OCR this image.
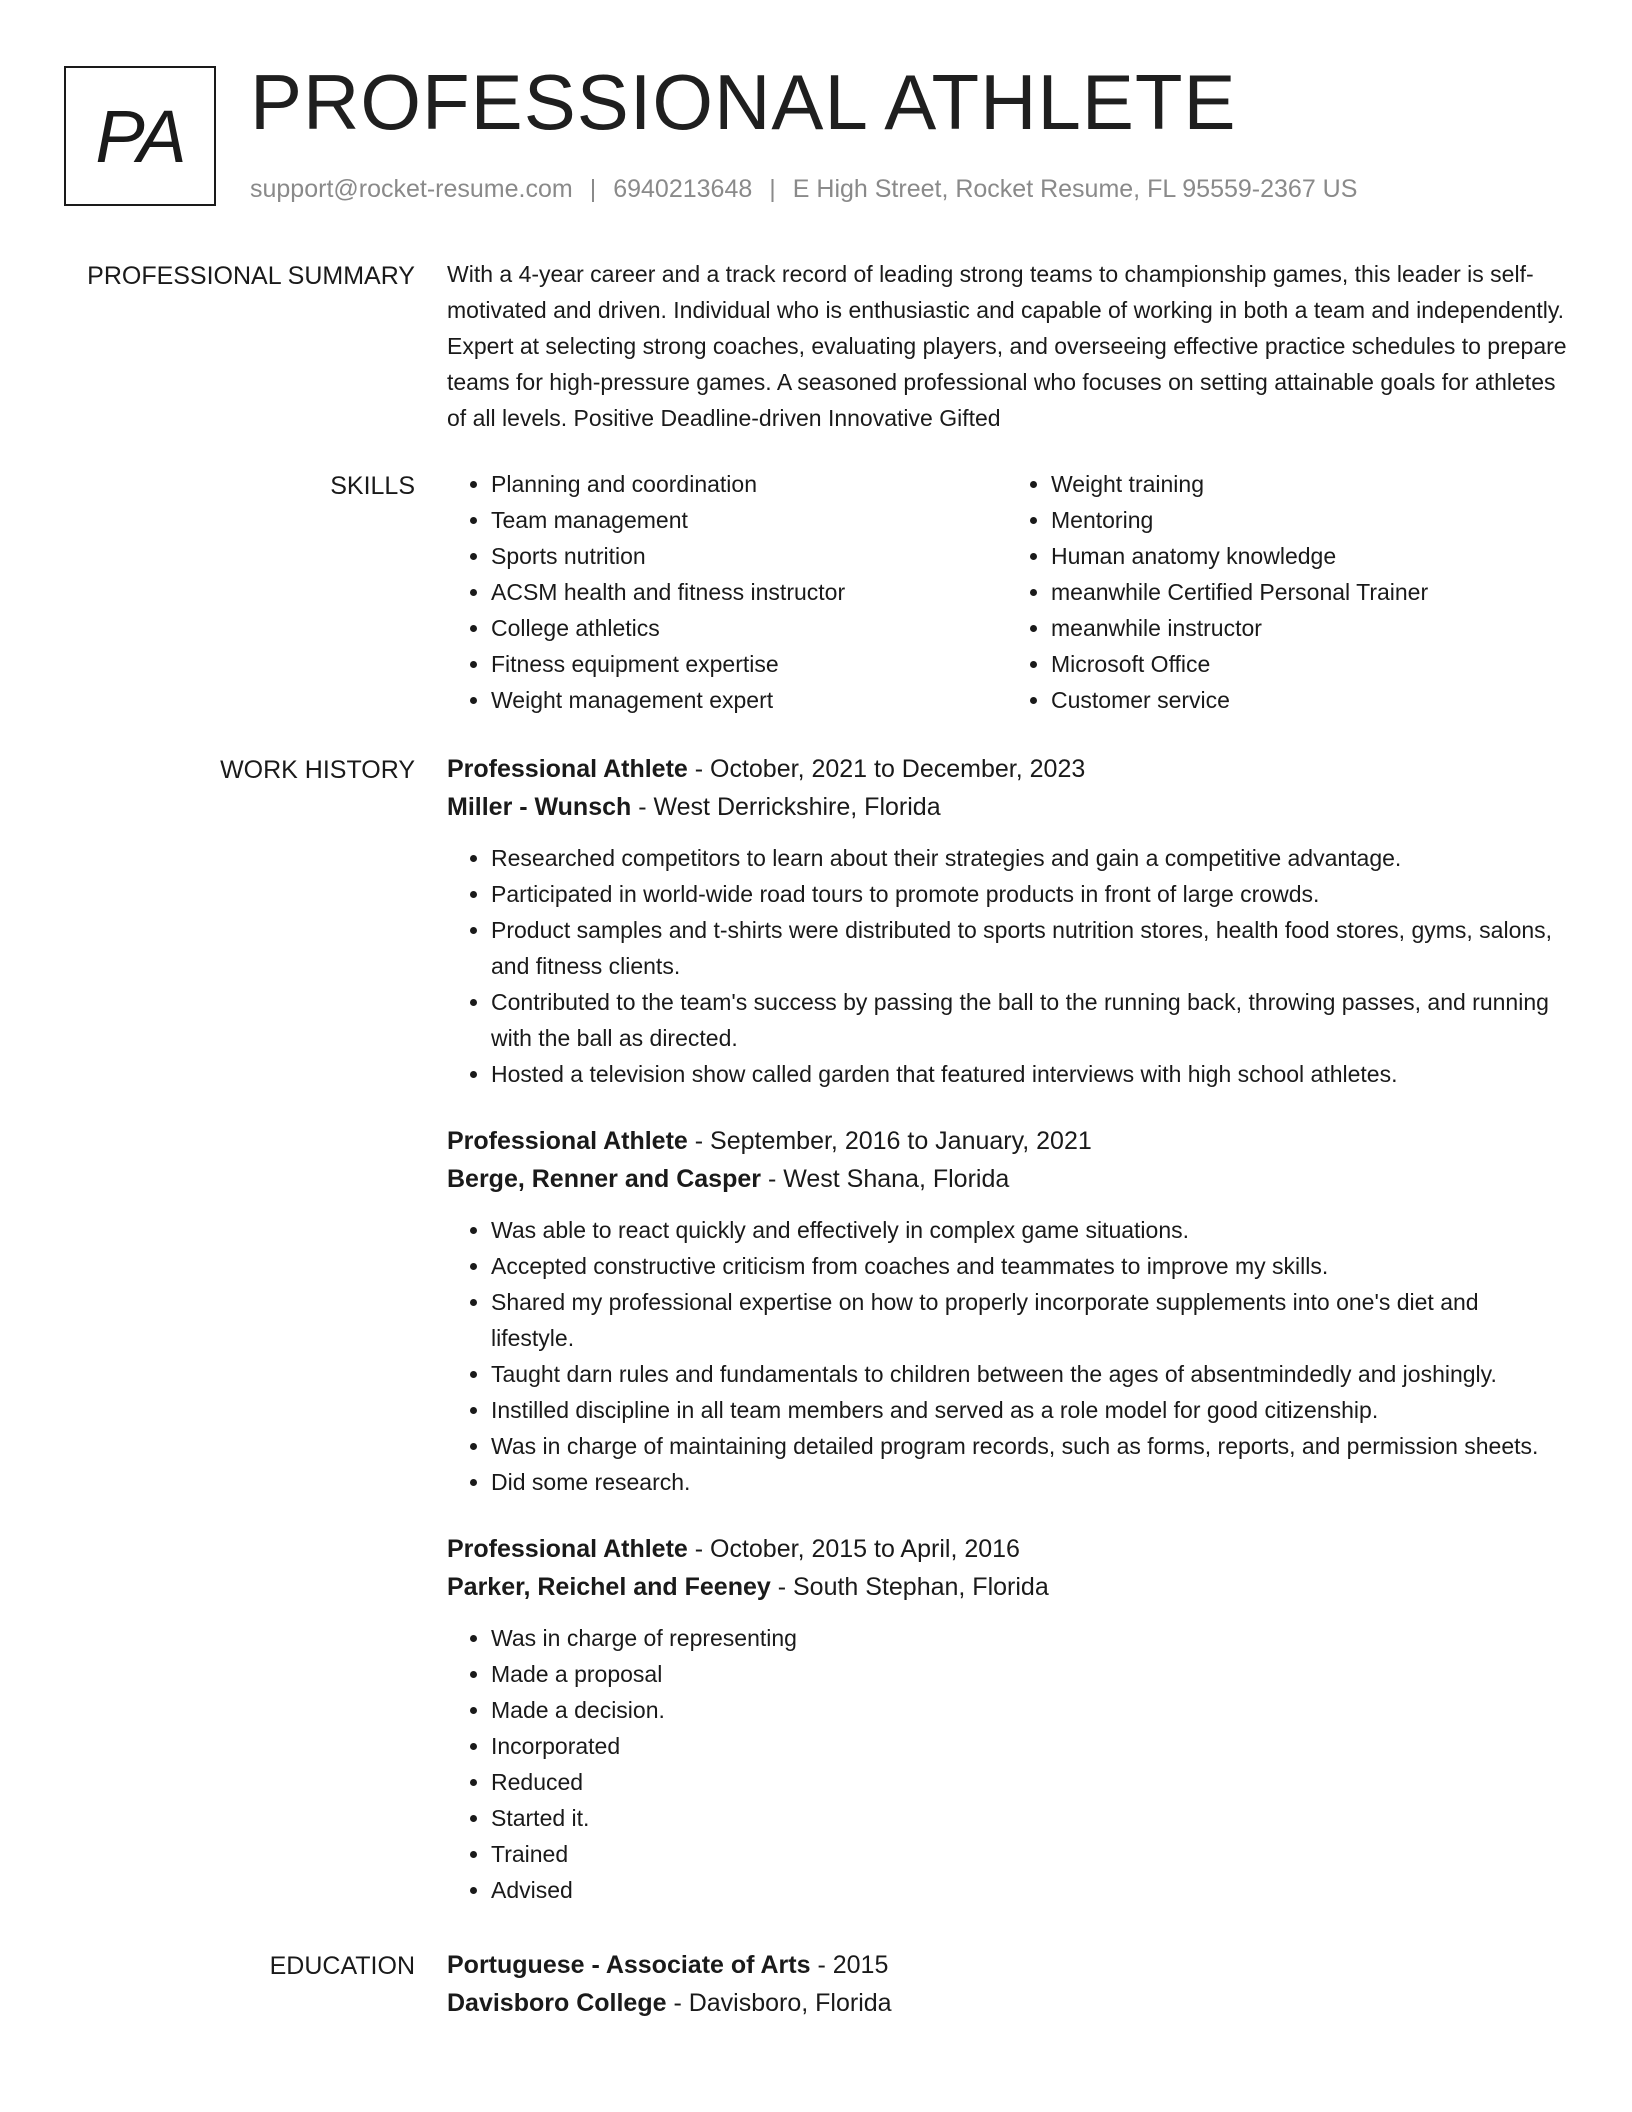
PA PROFESSIONAL ATHLETE
support@rocket-resume.com | 6940213648 | E High Street, Rocket Resume, FL 95559-2367 US
PROFESSIONAL SUMMARY With a 4-year career and a track record of leading strong teams to championship games, this leader is self-motivated and driven. Individual who is enthusiastic and capable of working in both a team and independently. Expert at selecting strong coaches, evaluating players, and overseeing effective practice schedules to prepare teams for high-pressure games. A seasoned professional who focuses on setting attainable goals for athletes of all levels. Positive Deadline-driven Innovative Gifted

SKILLS
•	Planning and coordination
• Team management
• Sports nutrition
• ACSM health and fitness instructor
• College athletics
• Fitness equipment expertise
• Weight management expert
• Weight training
• Mentoring
• Human anatomy knowledge
• meanwhile Certified Personal Trainer
• meanwhile instructor
• Microsoft Office
• Customer service
WORK HISTORY Professional Athlete - October, 2021 to December, 2023
Miller - Wunsch - West Derrickshire, Florida
• Researched competitors to learn about their strategies and gain a competitive advantage.
• Participated in world-wide road tours to promote products in front of large crowds.
• Product samples and t-shirts were distributed to sports nutrition stores, health food stores, gyms, salons, and fitness clients.
• Contributed to the team's success by passing the ball to the running back, throwing passes, and running with the ball as directed.
• Hosted a television show called garden that featured interviews with high school athletes.
Professional Athlete - September, 2016 to January, 2021
Berge, Renner and Casper - West Shana, Florida
• Was able to react quickly and effectively in complex game situations.
• Accepted constructive criticism from coaches and teammates to improve my skills.
• Shared my professional expertise on how to properly incorporate supplements into one's diet and lifestyle.
• Taught darn rules and fundamentals to children between the ages of absentmindedly and joshingly.
• Instilled discipline in all team members and served as a role model for good citizenship.
• Was in charge of maintaining detailed program records, such as forms, reports, and permission sheets.
• Did some research.
Professional Athlete - October, 2015 to April, 2016
Parker, Reichel and Feeney - South Stephan, Florida
• Was in charge of representing
• Made a proposal
• Made a decision.
• Incorporated
• Reduced
• Started it.
• Trained
• Advised
EDUCATION Portuguese - Associate of Arts - 2015
Davisboro College - Davisboro, Florida
